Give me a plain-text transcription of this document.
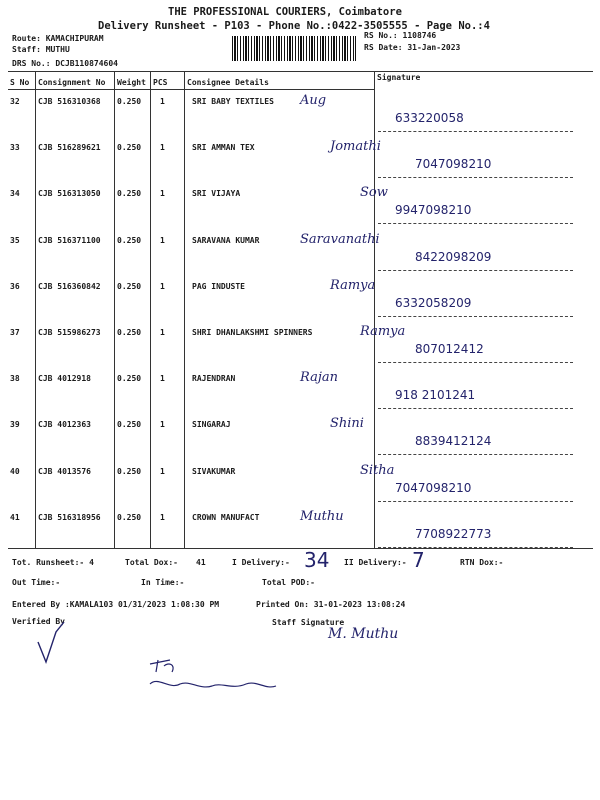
THE PROFESSIONAL COURIERS, Coimbatore
Delivery Runsheet - P103 - Phone No.:0422-3505555 - Page No.:4
Route: KAMACHIPURAM
Staff: MUTHU
DRS No.: DCJB110874604
RS No.: 1108746
RS Date: 31-Jan-2023
S No Consignment No Weight PCS Consignee Details
Signature
32 CJB 516310368 0.250 1	SRI BABY TEXTILES Aug
633220058
33 CJB 516289621 0.250 1	SRI AMMAN TEX	Jomathi
7047098210
34 CJB 516313050 0.250 1	SRI VIJAYA	Sow
9947098210
35 CJB 516371100 0.250 1	SARAVANA KUMAR	Saravanathi
8422098209
36 CJB 516360842 0.250 1	PAG INDUSTE	Ramya
6332058209
37 CJB 515986273 0.250 1	SHRI DHANLAKSHMI SPINNERS	Ramya
807012412
38 CJB 4012918	0.250 1	RAJENDRAN	Rajan
918 2101241
39 CJB 4012363	0.250 1	SINGARAJ	Shini
8839412124
40 CJB 4013576	0.250 1	SIVAKUMAR	Sitha
7047098210
41 CJB 516318956 0.250 1	CROWN MANUFACT	Muthu
7708922773
Tot. Runsheet:- 4	Total Dox:- 41	I Delivery:- 34 II Delivery:- 7	RTN Dox:-
Out Time:-	In Time:-	Total POD:-
Entered By :KAMALA103 01/31/2023 1:08:30 PM	Printed On: 31-01-2023 13:08:24
Verified By	Staff Signature
M. Muthu
